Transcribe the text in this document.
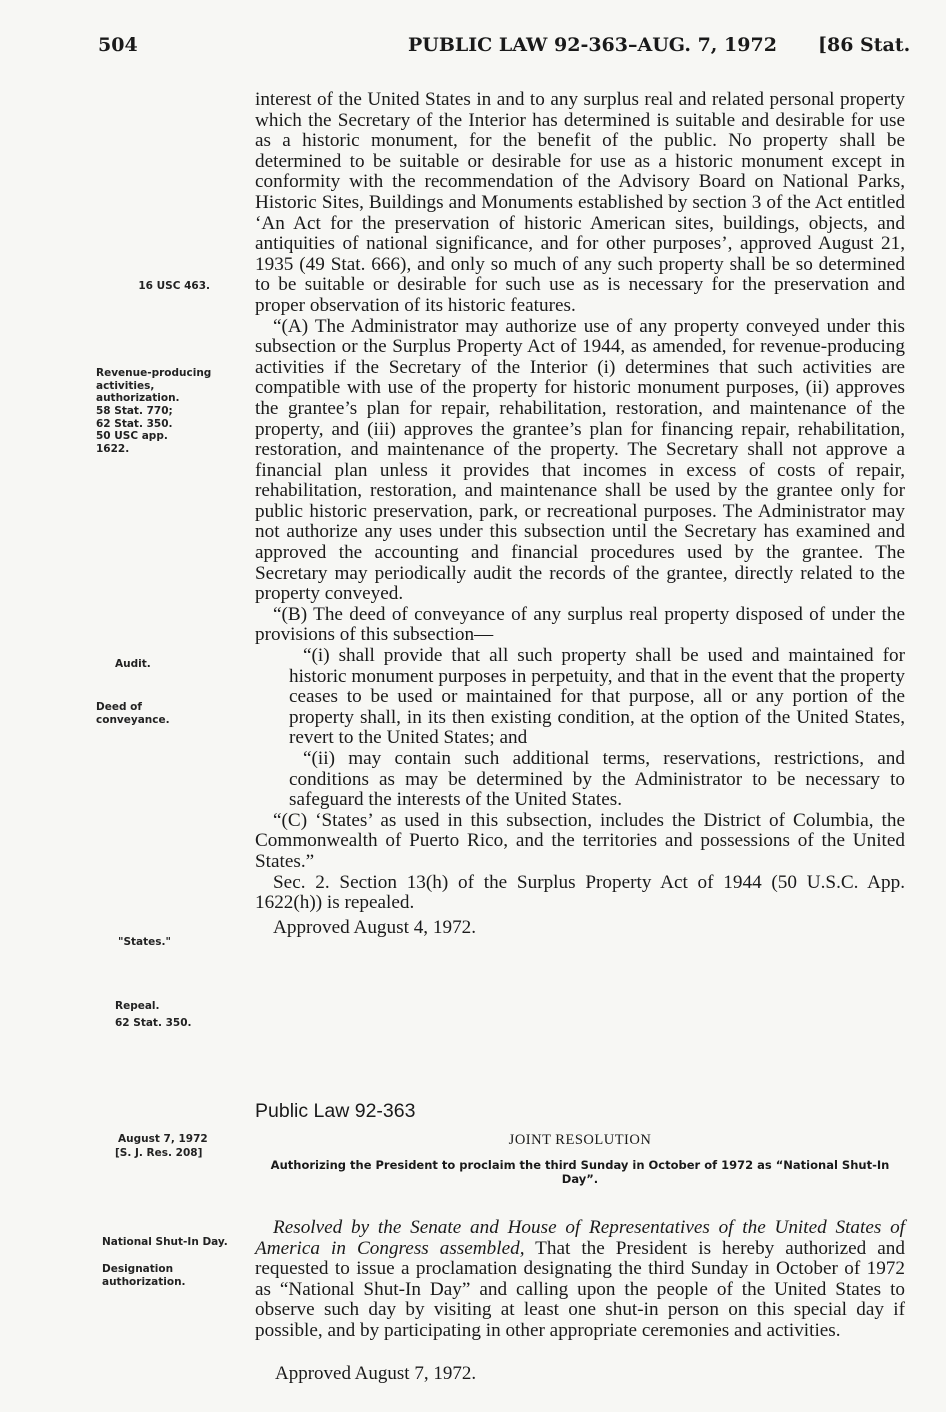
504	PUBLIC LAW 92-363–AUG. 7, 1972 [86 Stat.
16 USC 463.
Revenue-producing activities, authorization.
58 Stat. 770;
62 Stat. 350.
50 USC app.
1622.
Audit.
Deed of conveyance.
"States."
Repeal.
62 Stat. 350.
August 7, 1972
[S. J. Res. 208]
National Shut-In Day.
Designation authorization.

interest of the United States in and to any surplus real and related personal property which the Secretary of the Interior has determined is suitable and desirable for use as a historic monument, for the benefit of the public. No property shall be determined to be suitable or desirable for use as a historic monument except in conformity with the recommendation of the Advisory Board on National Parks, Historic Sites, Buildings and Monuments established by section 3 of the Act entitled ‘An Act for the preservation of historic American sites, buildings, objects, and antiquities of national significance, and for other purposes’, approved August 21, 1935 (49 Stat. 666), and only so much of any such property shall be so determined to be suitable or desirable for such use as is necessary for the preservation and proper observation of its historic features.

“(A) The Administrator may authorize use of any property conveyed under this subsection or the Surplus Property Act of 1944, as amended, for revenue-producing activities if the Secretary of the Interior (i) determines that such activities are compatible with use of the property for historic monument purposes, (ii) approves the grantee’s plan for repair, rehabilitation, restoration, and maintenance of the property, and (iii) approves the grantee’s plan for financing repair, rehabilitation, restoration, and maintenance of the property. The Secretary shall not approve a financial plan unless it provides that incomes in excess of costs of repair, rehabilitation, restoration, and maintenance shall be used by the grantee only for public historic preservation, park, or recreational purposes. The Administrator may not authorize any uses under this subsection until the Secretary has examined and approved the accounting and financial procedures used by the grantee. The Secretary may periodically audit the records of the grantee, directly related to the property conveyed.

“(B) The deed of conveyance of any surplus real property disposed of under the provisions of this subsection—

“(i) shall provide that all such property shall be used and maintained for historic monument purposes in perpetuity, and that in the event that the property ceases to be used or maintained for that purpose, all or any portion of the property shall, in its then existing condition, at the option of the United States, revert to the United States; and

“(ii) may contain such additional terms, reservations, restrictions, and conditions as may be determined by the Administrator to be necessary to safeguard the interests of the United States.

“(C) ‘States’ as used in this subsection, includes the District of Columbia, the Commonwealth of Puerto Rico, and the territories and possessions of the United States.”

Sec. 2. Section 13(h) of the Surplus Property Act of 1944 (50 U.S.C. App. 1622(h)) is repealed.

Approved August 4, 1972.

Public Law 92-363
JOINT RESOLUTION
Authorizing the President to proclaim the third Sunday in October of 1972 as “National Shut-In Day”.

Resolved by the Senate and House of Representatives of the United States of America in Congress assembled, That the President is hereby authorized and requested to issue a proclamation designating the third Sunday in October of 1972 as “National Shut-In Day” and calling upon the people of the United States to observe such day by visiting at least one shut-in person on this special day if possible, and by participating in other appropriate ceremonies and activities.

Approved August 7, 1972.
